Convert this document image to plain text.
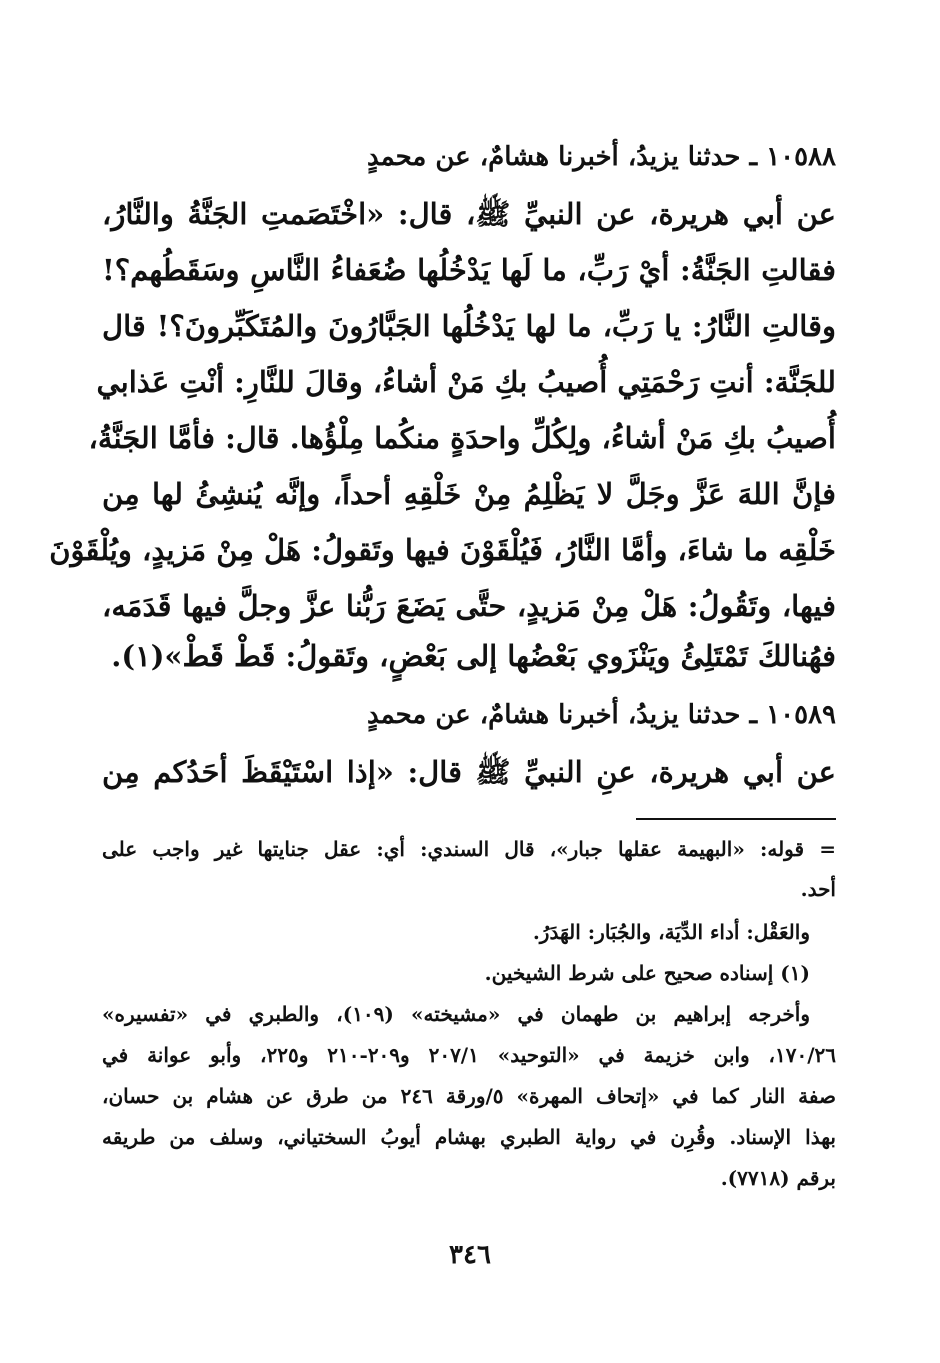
١٠٥٨٨ ـ حدثنا يزيدُ، أخبرنا هشامٌ، عن محمدٍ
عن أبي هريرة، عن النبيِّ ﷺ، قال: «اخْتَصَمتِ الجَنَّةُ والنَّارُ،
فقالتِ الجَنَّةُ: أيْ رَبِّ، ما لَها يَدْخُلُها ضُعَفاءُ النَّاسِ وسَقَطُهم؟!
وقالتِ النَّارُ: يا رَبِّ، ما لها يَدْخُلُها الجَبَّارُونَ والمُتَكَبِّرونَ؟! قال
للجَنَّة: أنتِ رَحْمَتِي أُصيبُ بكِ مَنْ أشاءُ، وقالَ للنَّارِ: أنْتِ عَذابي
أُصيبُ بكِ مَنْ أشاءُ، ولِكُلِّ واحدَةٍ منكُما مِلْؤُها. قال: فأمَّا الجَنَّةُ،
فإنَّ اللهَ عَزَّ وجَلَّ لا يَظْلِمُ مِنْ خَلْقِهِ أحداً، وإنَّه يُنشِئُ لها مِن
خَلْقِه ما شاءَ، وأمَّا النَّارُ، فَيُلْقَوْنَ فيها وتَقولُ: هَلْ مِنْ مَزيدٍ، ويُلْقَوْنَ
فيها، وتَقُولُ: هَلْ مِنْ مَزيدٍ، حتَّى يَضَعَ رَبُّنا عزَّ وجلَّ فيها قَدَمَه،
فهُنالكَ تَمْتَلِئُ ويَنْزَوي بَعْضُها إلى بَعْضٍ، وتَقولُ: قَطْ قَطْ»(١).
١٠٥٨٩ ـ حدثنا يزيدُ، أخبرنا هشامٌ، عن محمدٍ
عن أبي هريرة، عنِ النبيِّ ﷺ قال: «إذا اسْتَيْقَظَ أحَدُكم مِن
= قوله: «البهيمة عقلها جبار»، قال السندي: أي: عقل جنايتها غير واجب على
أحد.
والعَقْل: أداء الدِّيَة، والجُبَار: الهَدَرُ.
(١) إسناده صحيح على شرط الشيخين.
وأخرجه إبراهيم بن طهمان في «مشيخته» (١٠٩)، والطبري في «تفسيره»
١٧٠/٢٦، وابن خزيمة في «التوحيد» ٢٠٧/١ و٢٠٩-٢١٠ و٢٢٥، وأبو عوانة في
صفة النار كما في «إتحاف المهرة» ٥/ورقة ٢٤٦ من طرق عن هشام بن حسان،
بهذا الإسناد. وقُرِن في رواية الطبري بهشام أيوبُ السختياني، وسلف من طريقه
برقم (٧٧١٨).
٣٤٦
